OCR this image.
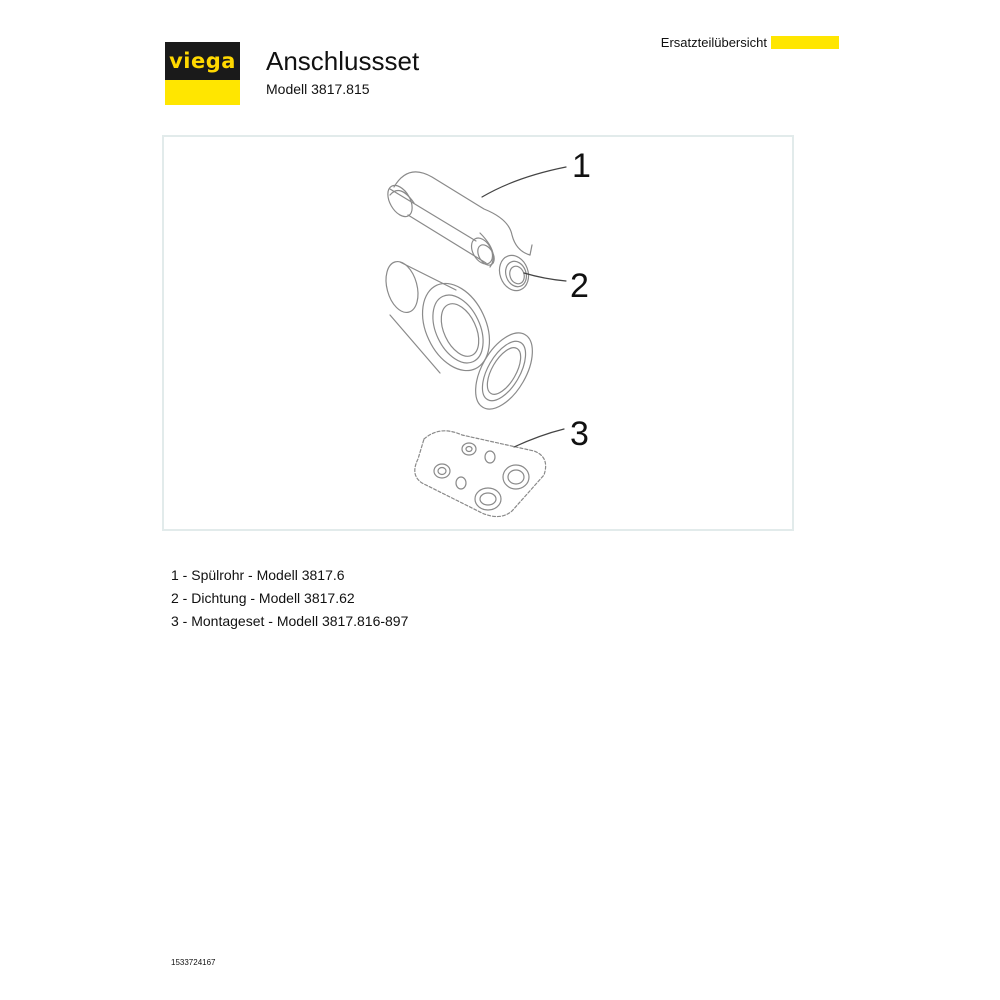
viega Anschlussset
Modell 3817.815
Ersatzteilübersicht
1
2
3
1 - Spülrohr - Modell 3817.6
2 - Dichtung - Modell 3817.62
3 - Montageset - Modell 3817.816-897
1533724167
